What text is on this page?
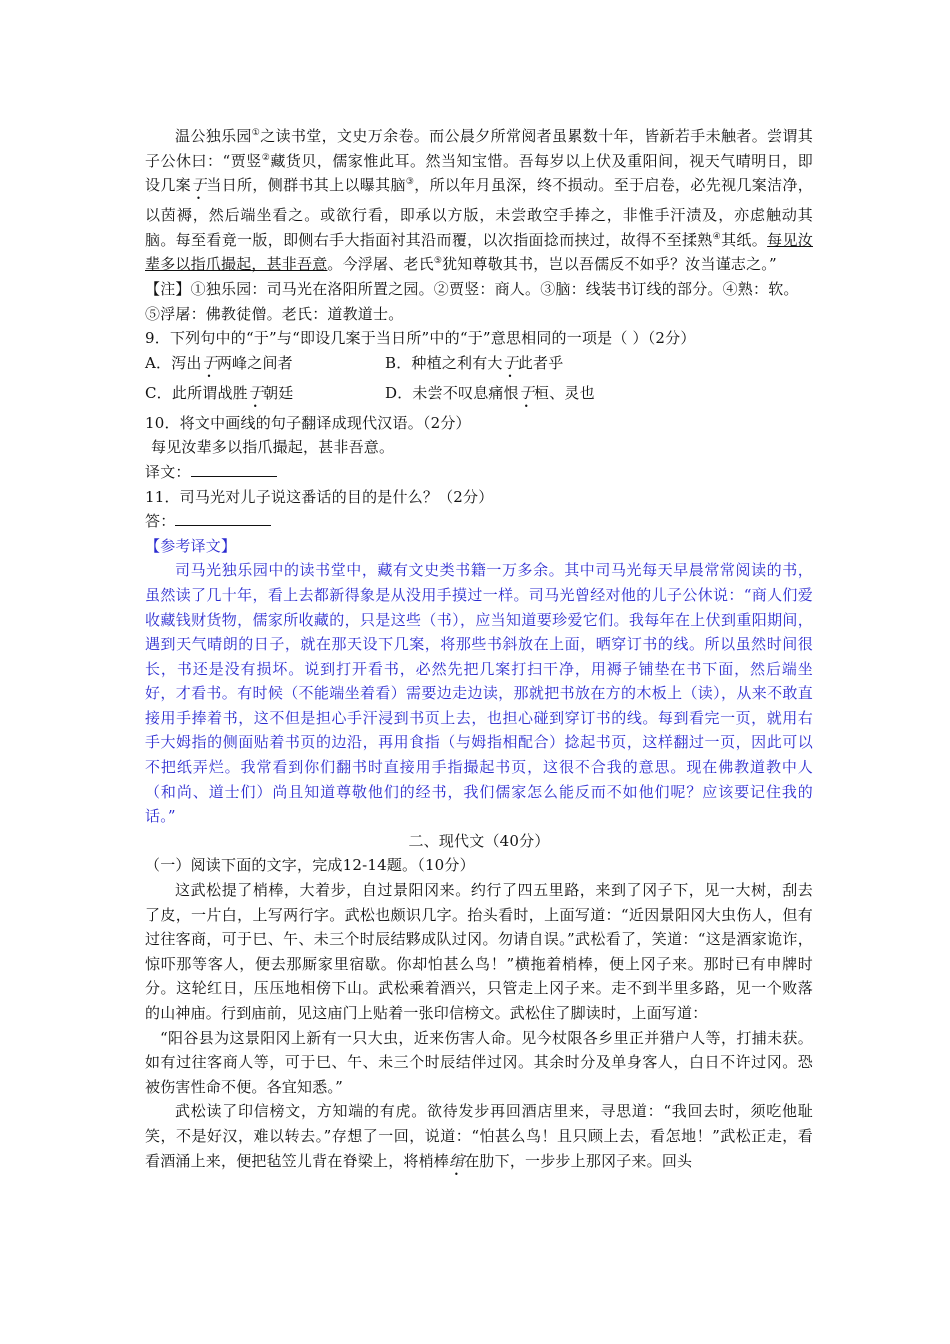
温公独乐园①之读书堂，文史万余卷。而公晨夕所常阅者虽累数十年，皆新若手未触者。尝谓其子公休曰：“贾竖②藏货贝，儒家惟此耳。然当知宝惜。吾每岁以上伏及重阳间，视天气晴明日，即设几案于当日所，侧群书其上以曝其脑③，所以年月虽深，终不损动。至于启卷，必先视几案洁净，以茵褥，然后端坐看之。或欲行看，即承以方版，未尝敢空手捧之，非惟手汗渍及，亦虑触动其脑。每至看竟一版，即侧右手大指面衬其沿而覆，以次指面捻而挟过，故得不至揉熟④其纸。每见汝辈多以指爪撮起，甚非吾意。今浮屠、老氏⑤犹知尊敬其书，岂以吾儒反不如乎？汝当谨志之。”

【注】①独乐园：司马光在洛阳所置之园。②贾竖：商人。③脑：线装书订线的部分。④熟：软。

⑤浮屠：佛教徒僧。老氏：道教道士。

9．下列句中的“于”与“即设几案于当日所”中的“于”意思相同的一项是（ ）（2分）

A．泻出于两峰之间者	B．种植之利有大于此者乎
C．此所谓战胜于朝廷	D．未尝不叹息痛恨于桓、灵也

10．将文中画线的句子翻译成现代汉语。（2分）

每见汝辈多以指爪撮起，甚非吾意。

译文：

11．司马光对儿子说这番话的目的是什么？（2分）

答：

【参考译文】

司马光独乐园中的读书堂中，藏有文史类书籍一万多余。其中司马光每天早晨常常阅读的书，虽然读了几十年，看上去都新得象是从没用手摸过一样。司马光曾经对他的儿子公休说：“商人们爱收藏钱财货物，儒家所收藏的，只是这些（书），应当知道要珍爱它们。我每年在上伏到重阳期间，遇到天气晴朗的日子，就在那天设下几案，将那些书斜放在上面，晒穿订书的线。所以虽然时间很长，书还是没有损坏。说到打开看书，必然先把几案打扫干净，用褥子铺垫在书下面，然后端坐好，才看书。有时候（不能端坐着看）需要边走边读，那就把书放在方的木板上（读），从来不敢直接用手捧着书，这不但是担心手汗浸到书页上去，也担心碰到穿订书的线。每到看完一页，就用右手大姆指的侧面贴着书页的边沿，再用食指（与姆指相配合）捻起书页，这样翻过一页，因此可以不把纸弄烂。我常看到你们翻书时直接用手指撮起书页，这很不合我的意思。现在佛教道教中人（和尚、道士们）尚且知道尊敬他们的经书，我们儒家怎么能反而不如他们呢？应该要记住我的话。”

二、现代文（40分）

（一）阅读下面的文字，完成12-14题。（10分）

这武松提了梢棒，大着步，自过景阳冈来。约行了四五里路，来到了冈子下，见一大树，刮去了皮，一片白，上写两行字。武松也颇识几字。抬头看时，上面写道：“近因景阳冈大虫伤人，但有过往客商，可于巳、午、未三个时辰结夥成队过冈。勿请自误。”武松看了，笑道：“这是酒家诡诈，惊吓那等客人，便去那厮家里宿歇。你却怕甚么鸟！”横拖着梢棒，便上冈子来。那时已有申牌时分。这轮红日，压压地相傍下山。武松乘着酒兴，只管走上冈子来。走不到半里多路，见一个败落的山神庙。行到庙前，见这庙门上贴着一张印信榜文。武松住了脚读时，上面写道：

“阳谷县为这景阳冈上新有一只大虫，近来伤害人命。见今杖限各乡里正并猎户人等，打捕未获。如有过往客商人等，可于巳、午、未三个时辰结伴过冈。其余时分及单身客人，白日不许过冈。恐被伤害性命不便。各宜知悉。”

武松读了印信榜文，方知端的有虎。欲待发步再回酒店里来，寻思道：“我回去时，须吃他耻笑，不是好汉，难以转去。”存想了一回，说道：“怕甚么鸟！且只顾上去，看怎地！”武松正走，看看酒涌上来，便把毡笠儿背在脊梁上，将梢棒绾在肋下，一步步上那冈子来。回头
